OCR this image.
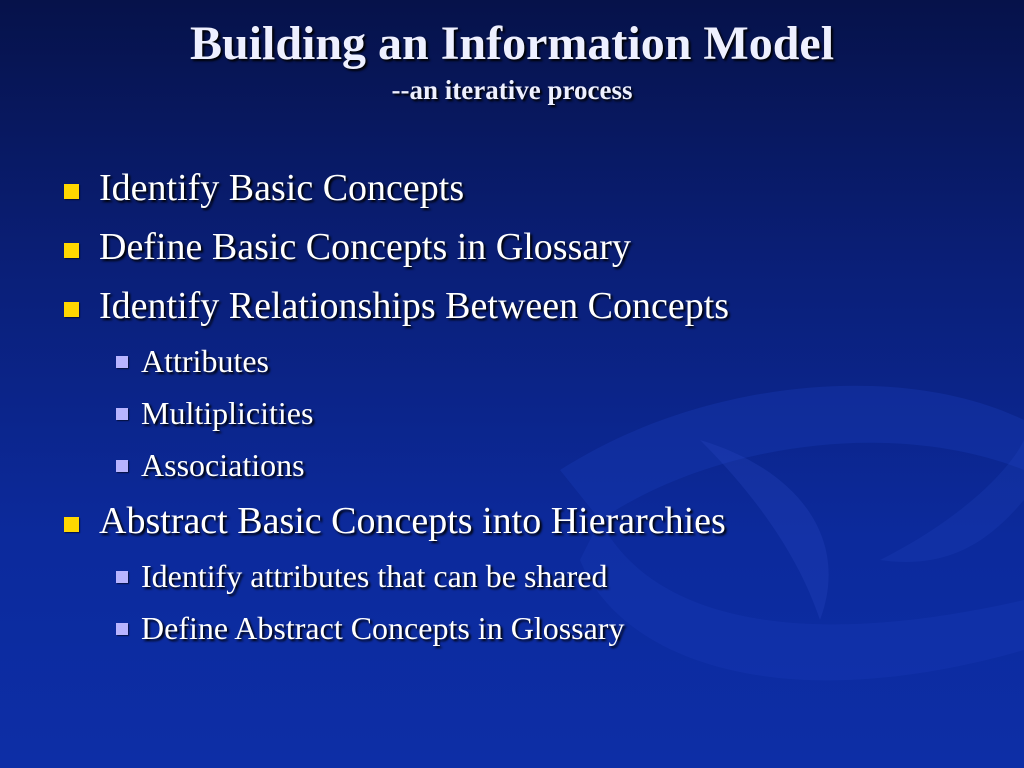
Building an Information Model
--an iterative process
Identify Basic Concepts
Define Basic Concepts in Glossary
Identify Relationships Between Concepts
Attributes
Multiplicities
Associations
Abstract Basic Concepts into Hierarchies
Identify attributes that can be shared
Define Abstract Concepts in Glossary
